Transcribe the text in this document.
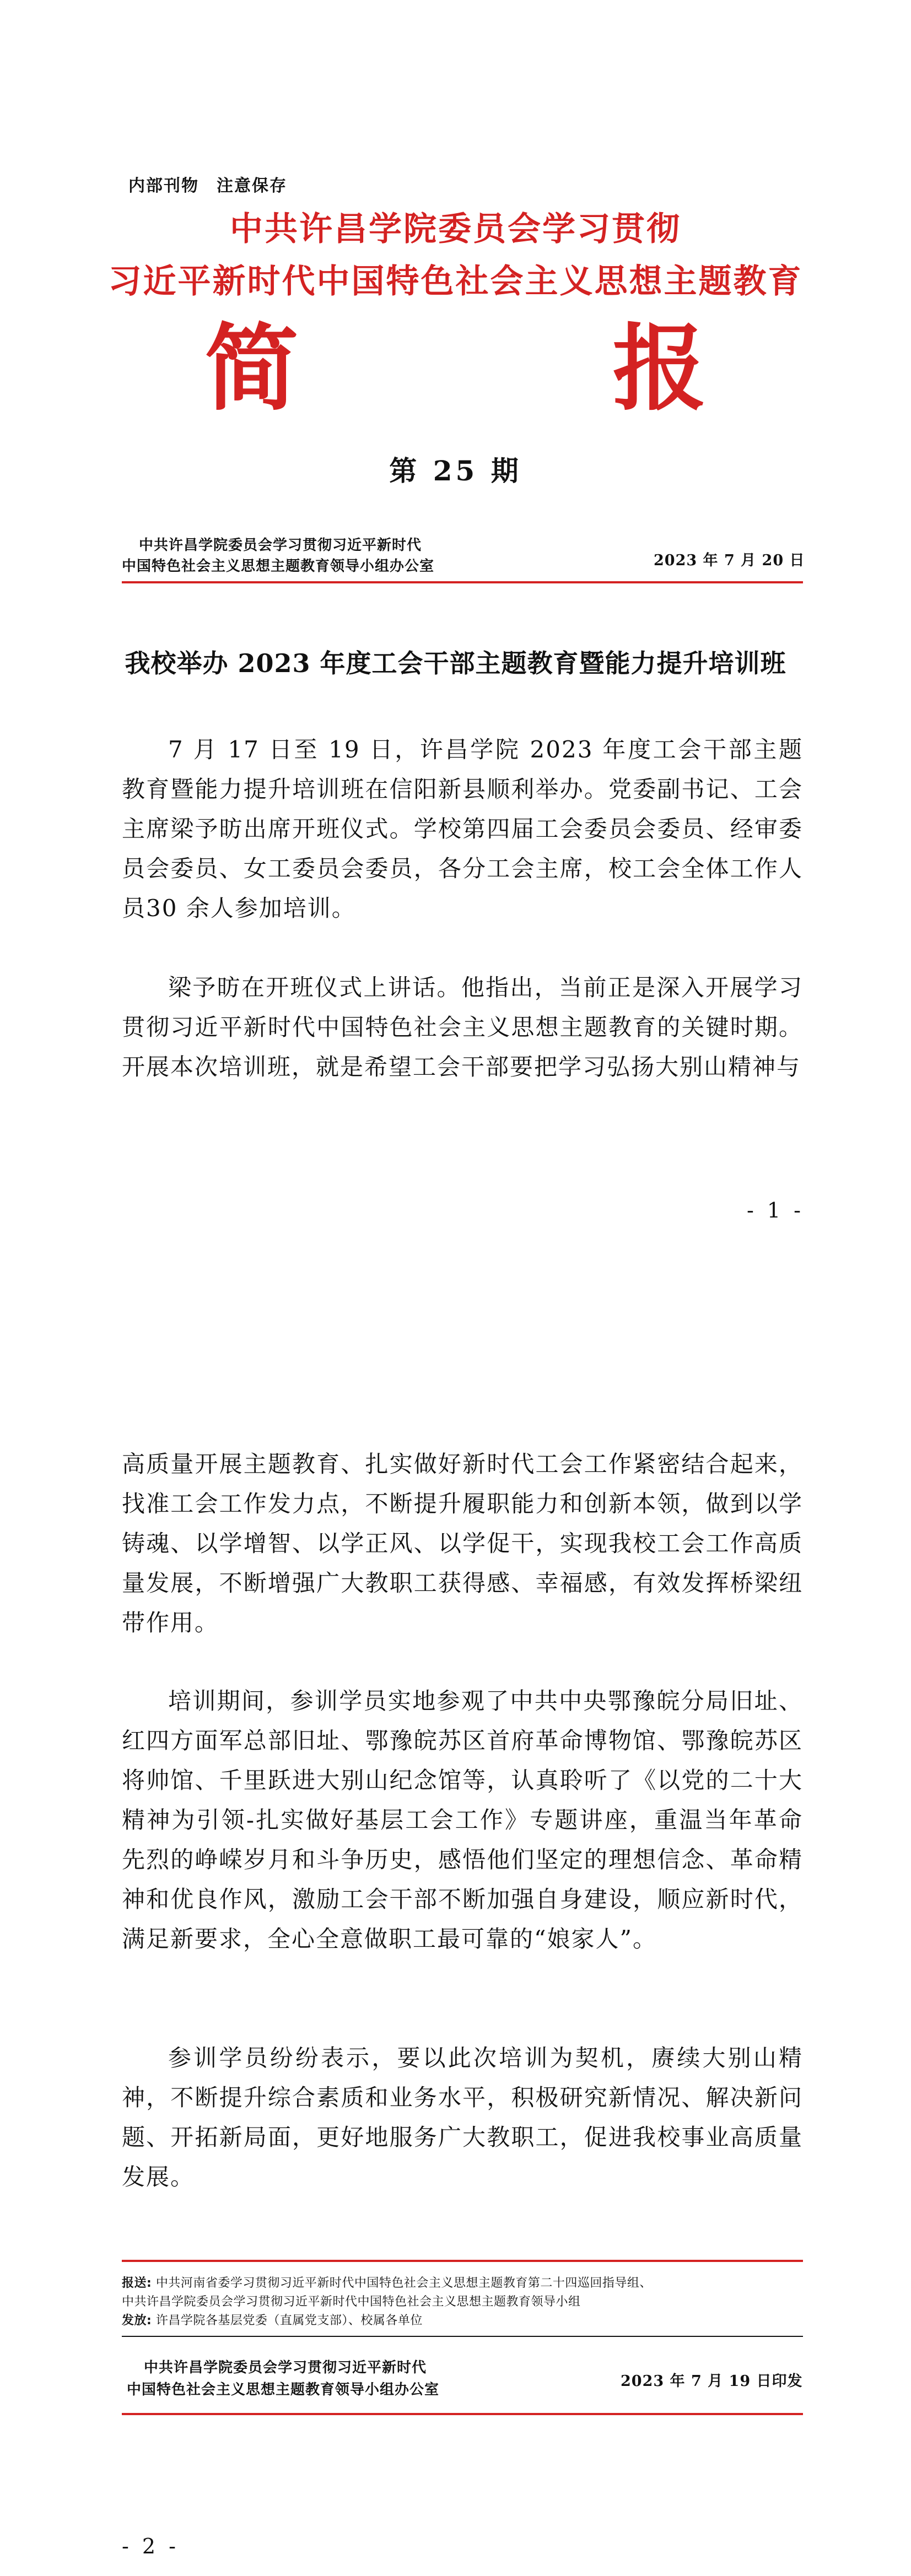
内部刊物　注意保存
中共许昌学院委员会学习贯彻
习近平新时代中国特色社会主义思想主题教育
简　报
第 25 期
中共许昌学院委员会学习贯彻习近平新时代
中国特色社会主义思想主题教育领导小组办公室	2023 年 7 月 20 日
我校举办 2023 年度工会干部主题教育暨能力提升培训班
7 月 17 日至 19 日，许昌学院 2023 年度工会干部主题教育暨能力提升培训班在信阳新县顺利举办。党委副书记、工会主席梁予昉出席开班仪式。学校第四届工会委员会委员、经审委员会委员、女工委员会委员，各分工会主席，校工会全体工作人员30 余人参加培训。
梁予昉在开班仪式上讲话。他指出，当前正是深入开展学习贯彻习近平新时代中国特色社会主义思想主题教育的关键时期。开展本次培训班，就是希望工会干部要把学习弘扬大别山精神与
- 1 -
高质量开展主题教育、扎实做好新时代工会工作紧密结合起来，找准工会工作发力点，不断提升履职能力和创新本领，做到以学铸魂、以学增智、以学正风、以学促干，实现我校工会工作高质量发展，不断增强广大教职工获得感、幸福感，有效发挥桥梁纽带作用。
培训期间，参训学员实地参观了中共中央鄂豫皖分局旧址、红四方面军总部旧址、鄂豫皖苏区首府革命博物馆、鄂豫皖苏区将帅馆、千里跃进大别山纪念馆等，认真聆听了《以党的二十大精神为引领-扎实做好基层工会工作》专题讲座，重温当年革命先烈的峥嵘岁月和斗争历史，感悟他们坚定的理想信念、革命精神和优良作风，激励工会干部不断加强自身建设，顺应新时代，满足新要求，全心全意做职工最可靠的“娘家人”。
参训学员纷纷表示，要以此次培训为契机，赓续大别山精神，不断提升综合素质和业务水平，积极研究新情况、解决新问题、开拓新局面，更好地服务广大教职工，促进我校事业高质量发展。
报送: 中共河南省委学习贯彻习近平新时代中国特色社会主义思想主题教育第二十四巡回指导组、
中共许昌学院委员会学习贯彻习近平新时代中国特色社会主义思想主题教育领导小组
发放: 许昌学院各基层党委（直属党支部）、校属各单位
中共许昌学院委员会学习贯彻习近平新时代
中国特色社会主义思想主题教育领导小组办公室	2023 年 7 月 19 日印发
- 2 -
